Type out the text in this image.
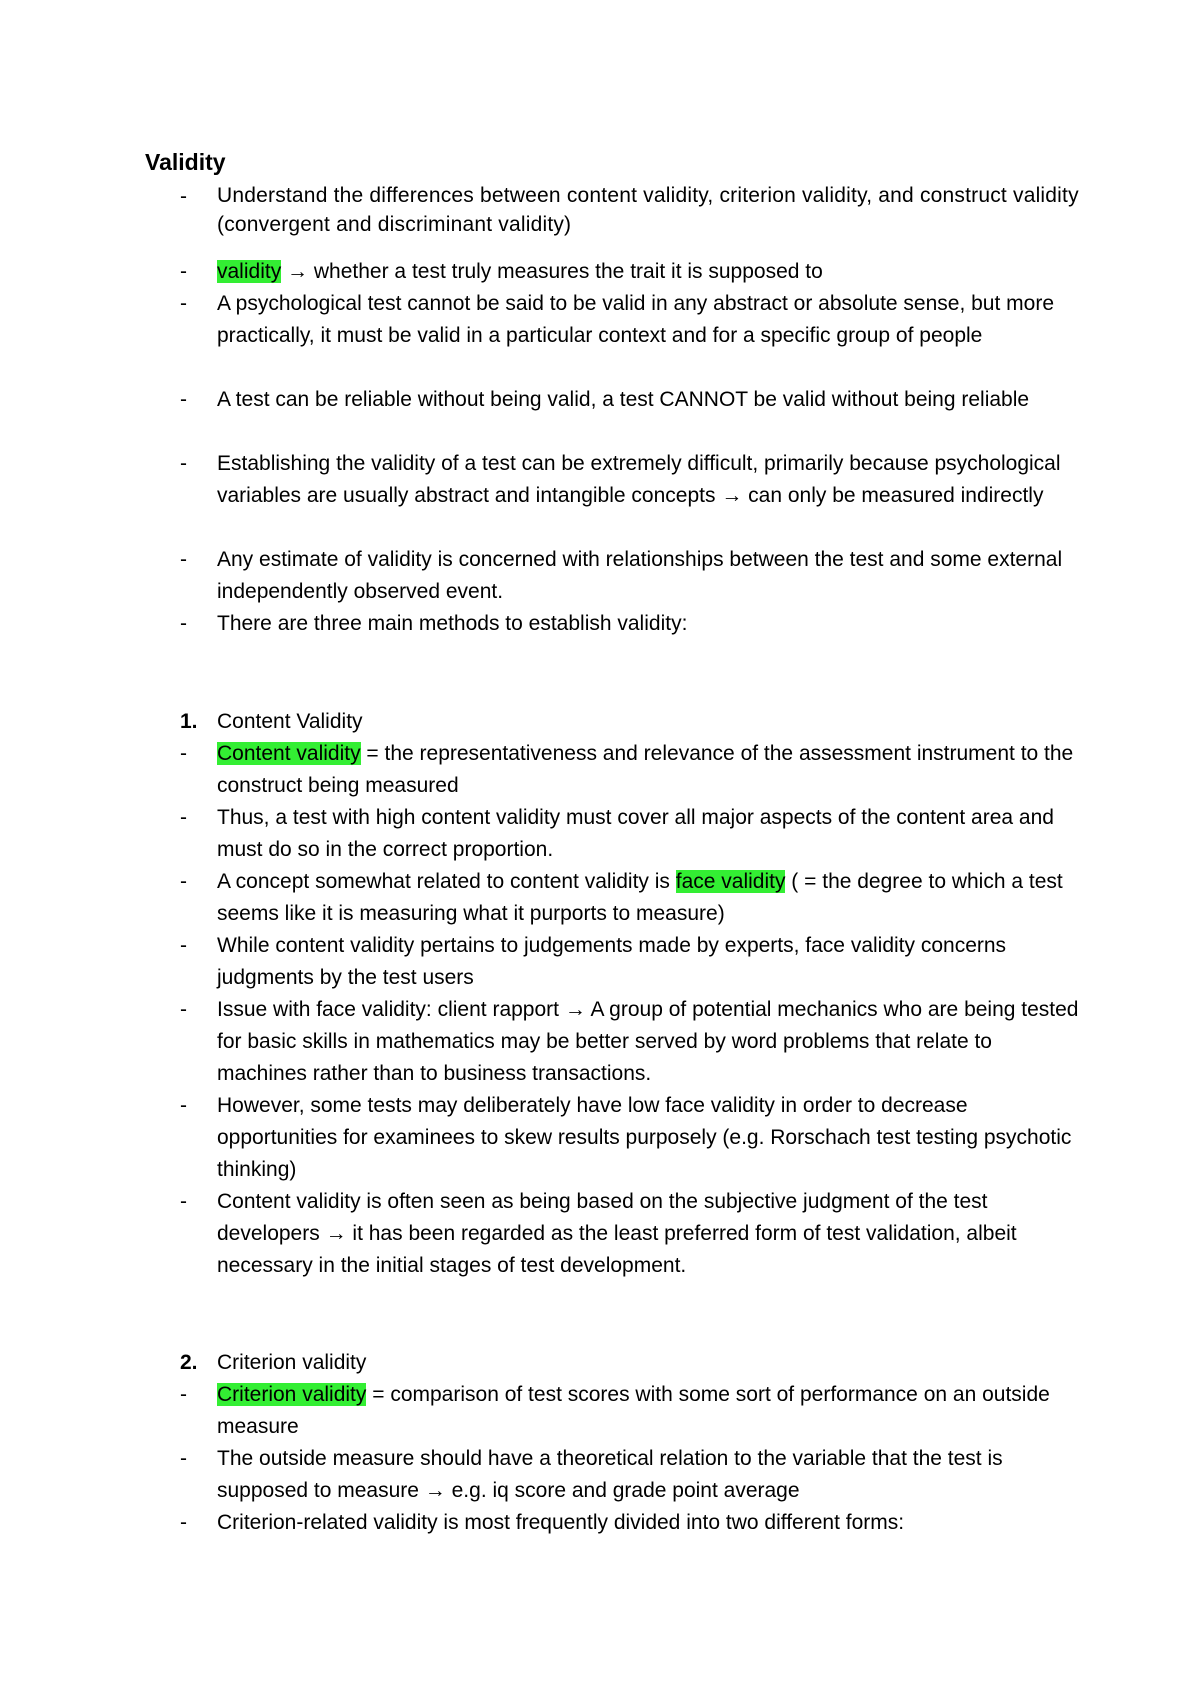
Validity
-	Understand the differences between content validity, criterion validity, and construct validity (convergent and discriminant validity)
-	validity → whether a test truly measures the trait it is supposed to
-	A psychological test cannot be said to be valid in any abstract or absolute sense, but more practically, it must be valid in a particular context and for a specific group of people
-	A test can be reliable without being valid, a test CANNOT be valid without being reliable
-	Establishing the validity of a test can be extremely difficult, primarily because psychological variables are usually abstract and intangible concepts → can only be measured indirectly
-	Any estimate of validity is concerned with relationships between the test and some external independently observed event.
-	There are three main methods to establish validity:
1. Content Validity
-	Content validity = the representativeness and relevance of the assessment instrument to the construct being measured
-	Thus, a test with high content validity must cover all major aspects of the content area and must do so in the correct proportion.
-	A concept somewhat related to content validity is face validity ( = the degree to which a test seems like it is measuring what it purports to measure)
-	While content validity pertains to judgements made by experts, face validity concerns judgments by the test users
-	Issue with face validity: client rapport → A group of potential mechanics who are being tested for basic skills in mathematics may be better served by word problems that relate to machines rather than to business transactions.
-	However, some tests may deliberately have low face validity in order to decrease opportunities for examinees to skew results purposely (e.g. Rorschach test testing psychotic thinking)
-	Content validity is often seen as being based on the subjective judgment of the test developers → it has been regarded as the least preferred form of test validation, albeit necessary in the initial stages of test development.
2. Criterion validity
-	Criterion validity = comparison of test scores with some sort of performance on an outside measure
-	The outside measure should have a theoretical relation to the variable that the test is supposed to measure → e.g. iq score and grade point average
-	Criterion-related validity is most frequently divided into two different forms:
